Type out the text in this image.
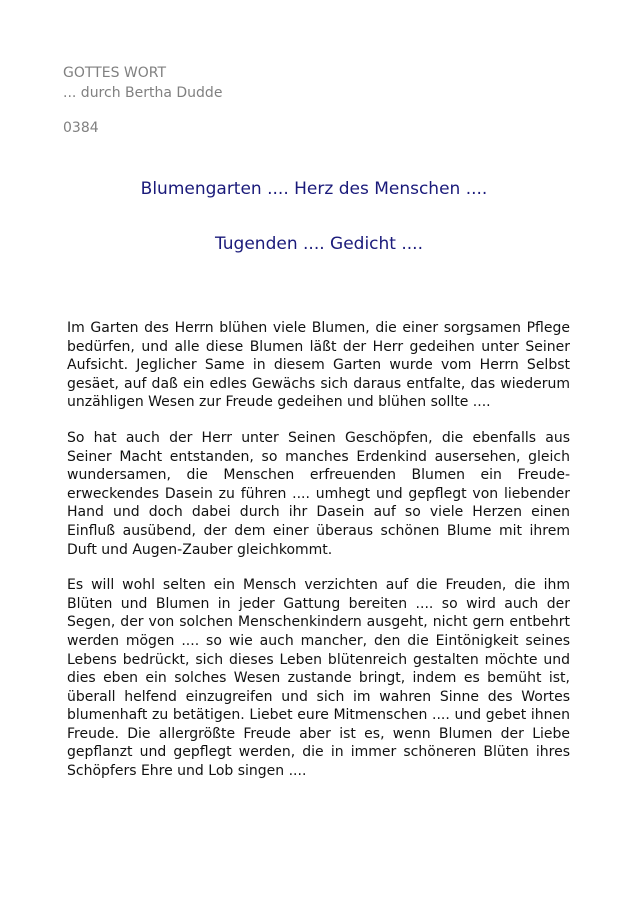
GOTTES WORT
... durch Bertha Dudde
0384
Blumengarten .... Herz des Menschen ....
Tugenden .... Gedicht ....

Im Garten des Herrn blühen viele Blumen, die einer sorgsamen Pflege bedürfen, und alle diese Blumen läßt der Herr gedeihen unter Seiner Aufsicht. Jeglicher Same in diesem Garten wurde vom Herrn Selbst gesäet, auf daß ein edles Gewächs sich daraus entfalte, das wiederum unzähligen Wesen zur Freude gedeihen und blühen sollte ....

So hat auch der Herr unter Seinen Geschöpfen, die ebenfalls aus Seiner Macht entstanden, so manches Erdenkind ausersehen, gleich wundersamen, die Menschen erfreuenden Blumen ein Freude-erweckendes Dasein zu führen .... umhegt und gepflegt von liebender Hand und doch dabei durch ihr Dasein auf so viele Herzen einen Einfluß ausübend, der dem einer überaus schönen Blume mit ihrem Duft und Augen-Zauber gleichkommt.

Es will wohl selten ein Mensch verzichten auf die Freuden, die ihm Blüten und Blumen in jeder Gattung bereiten .... so wird auch der Segen, der von solchen Menschenkindern ausgeht, nicht gern entbehrt werden mögen .... so wie auch mancher, den die Eintönigkeit seines Lebens bedrückt, sich dieses Leben blütenreich gestalten möchte und dies eben ein solches Wesen zustande bringt, indem es bemüht ist, überall helfend einzugreifen und sich im wahren Sinne des Wortes blumenhaft zu betätigen. Liebet eure Mitmenschen .... und gebet ihnen Freude. Die allergrößte Freude aber ist es, wenn Blumen der Liebe gepflanzt und gepflegt werden, die in immer schöneren Blüten ihres Schöpfers Ehre und Lob singen ....
